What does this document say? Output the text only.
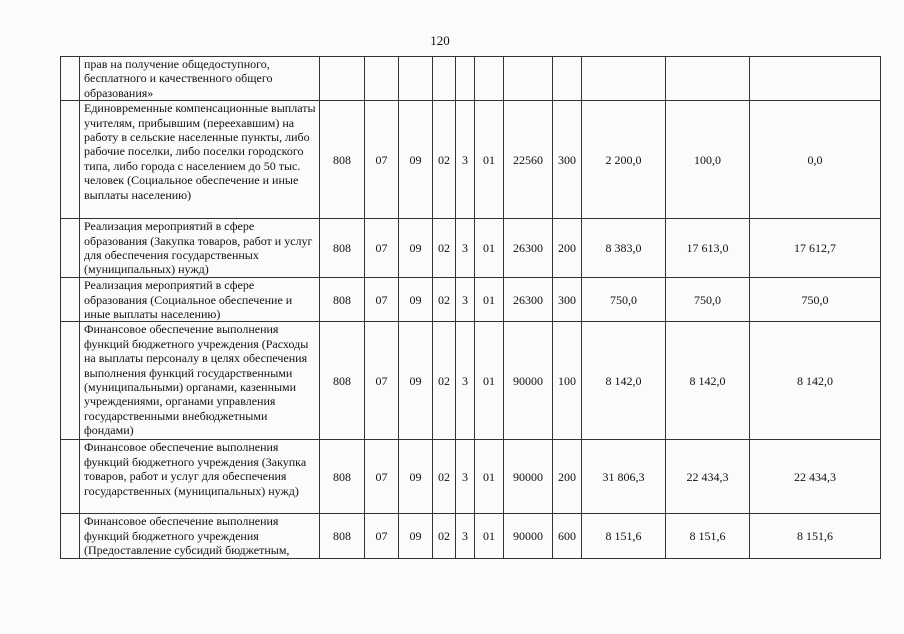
120
	прав на получение общедоступного, бесплатного и качественного общего образования»											
	Единовременные компенсационные выплаты учителям, прибывшим (переехавшим) на работу в сельские населенные пункты, либо рабочие поселки, либо поселки городского типа, либо города с населением до 50 тыс. человек (Социальное обеспечение и иные выплаты населению)	808	07	09	02	3	01	22560	300	2 200,0	100,0	0,0
	Реализация мероприятий в сфере образования (Закупка товаров, работ и услуг для обеспечения государственных (муниципальных) нужд)	808	07	09	02	3	01	26300	200	8 383,0	17 613,0	17 612,7
	Реализация мероприятий в сфере образования (Социальное обеспечение и иные выплаты населению)	808	07	09	02	3	01	26300	300	750,0	750,0	750,0
	Финансовое обеспечение выполнения функций бюджетного учреждения (Расходы на выплаты персоналу в целях обеспечения выполнения функций государственными (муниципальными) органами, казенными учреждениями, органами управления государственными внебюджетными фондами)	808	07	09	02	3	01	90000	100	8 142,0	8 142,0	8 142,0
	Финансовое обеспечение выполнения функций бюджетного учреждения (Закупка товаров, работ и услуг для обеспечения государственных (муниципальных) нужд)	808	07	09	02	3	01	90000	200	31 806,3	22 434,3	22 434,3
	Финансовое обеспечение выполнения функций бюджетного учреждения (Предоставление субсидий бюджетным,	808	07	09	02	3	01	90000	600	8 151,6	8 151,6	8 151,6
